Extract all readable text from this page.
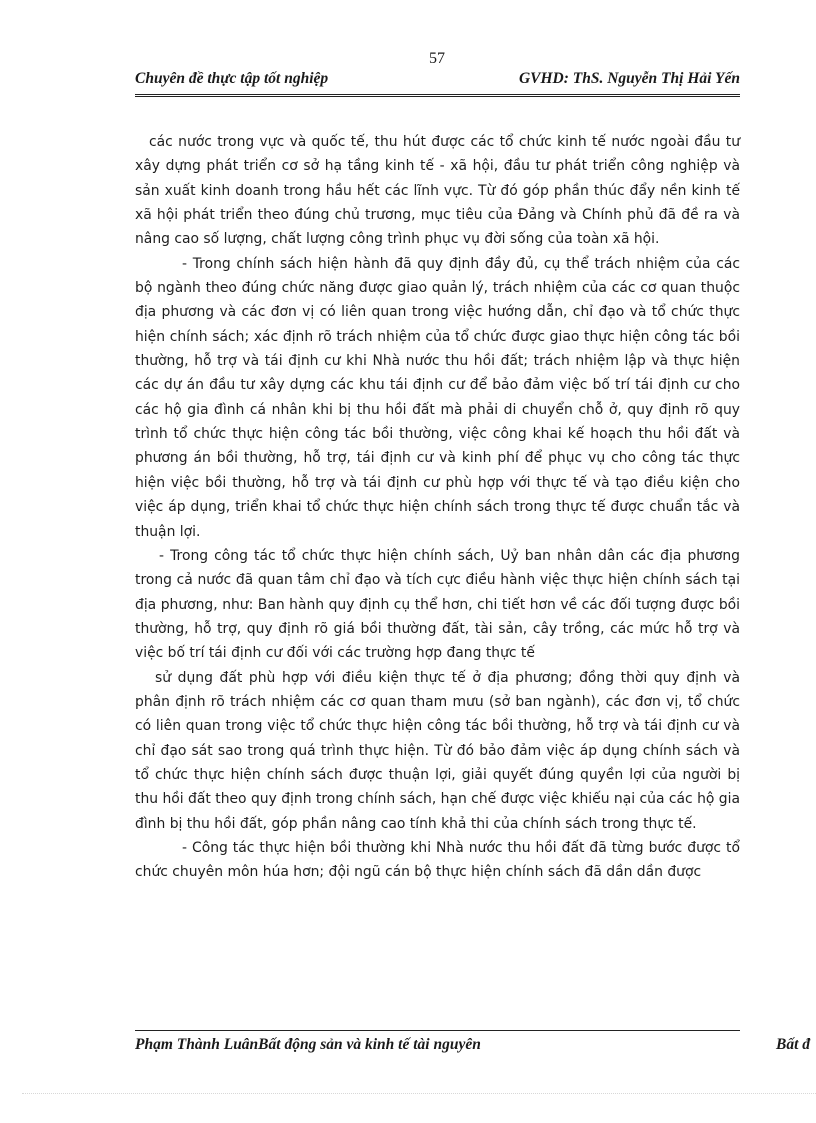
57
Chuyên đề thực tập tốt nghiệp	GVHD: ThS. Nguyễn Thị Hải Yến

các nước trong vực và quốc tế, thu hút được các tổ chức kinh tế nước ngoài đầu tư xây dựng phát triển cơ sở hạ tầng kinh tế - xã hội, đầu tư phát triển công nghiệp và sản xuất kinh doanh trong hầu hết các lĩnh vực. Từ đó góp phần thúc đẩy nền kinh tế xã hội phát triển theo đúng chủ trương, mục tiêu của Đảng và Chính phủ đã đề ra và nâng cao số lượng, chất lượng công trình phục vụ đời sống của toàn xã hội.

- Trong chính sách hiện hành đã quy định đầy đủ, cụ thể trách nhiệm của các bộ ngành theo đúng chức năng được giao quản lý, trách nhiệm của các cơ quan thuộc địa phương và các đơn vị có liên quan trong việc hướng dẫn, chỉ đạo và tổ chức thực hiện chính sách; xác định rõ trách nhiệm của tổ chức được giao thực hiện công tác bồi thường, hỗ trợ và tái định cư khi Nhà nước thu hồi đất; trách nhiệm lập và thực hiện các dự án đầu tư xây dựng các khu tái định cư để bảo đảm việc bố trí tái định cư cho các hộ gia đình cá nhân khi bị thu hồi đất mà phải di chuyển chỗ ở, quy định rõ quy trình tổ chức thực hiện công tác bồi thường, việc công khai kế hoạch thu hồi đất và phương án bồi thường, hỗ trợ, tái định cư và kinh phí để phục vụ cho công tác thực hiện việc bồi thường, hỗ trợ và tái định cư phù hợp với thực tế và tạo điều kiện cho việc áp dụng, triển khai tổ chức thực hiện chính sách trong thực tế được chuẩn tắc và thuận lợi.

- Trong công tác tổ chức thực hiện chính sách, Uỷ ban nhân dân các địa phương trong cả nước đã quan tâm chỉ đạo và tích cực điều hành việc thực hiện chính sách tại địa phương, như: Ban hành quy định cụ thể hơn, chi tiết hơn về các đối tượng được bồi thường, hỗ trợ, quy định rõ giá bồi thường đất, tài sản, cây trồng, các mức hỗ trợ và việc bố trí tái định cư đối với các trường hợp đang thực tế

sử dụng đất phù hợp với điều kiện thực tế ở địa phương; đồng thời quy định và phân định rõ trách nhiệm các cơ quan tham mưu (sở ban ngành), các đơn vị, tổ chức có liên quan trong việc tổ chức thực hiện công tác bồi thường, hỗ trợ và tái định cư và chỉ đạo sát sao trong quá trình thực hiện. Từ đó bảo đảm việc áp dụng chính sách và tổ chức thực hiện chính sách được thuận lợi, giải quyết đúng quyền lợi của người bị thu hồi đất theo quy định trong chính sách, hạn chế được việc khiếu nại của các hộ gia đình bị thu hồi đất, góp phần nâng cao tính khả thi của chính sách trong thực tế.

- Công tác thực hiện bồi thường khi Nhà nước thu hồi đất đã từng bước được tổ chức chuyên môn húa hơn; đội ngũ cán bộ thực hiện chính sách đã dần dần được

Phạm Thành LuânBất động sản và kinh tế tài nguyên	Bất đ
